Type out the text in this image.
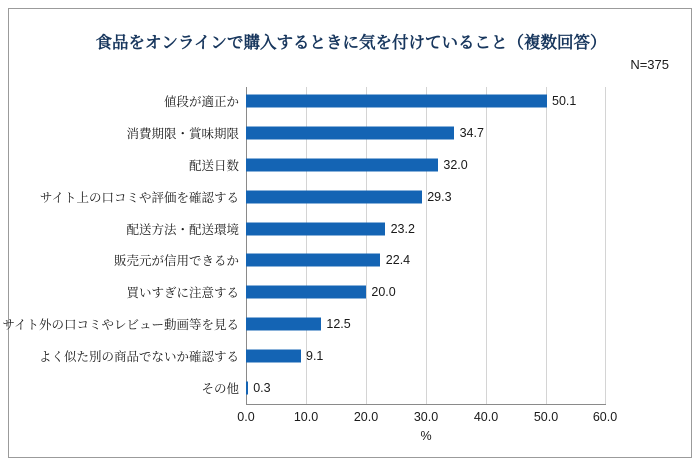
食品をオンラインで購入するときに気を付けていること（複数回答）
N=375
値段が適正か	50.1
消費期限・賞味期限	34.7
配送日数	32.0
サイト上の口コミや評価を確認する	29.3
配送方法・配送環境	23.2
販売元が信用できるか	22.4
買いすぎに注意する	20.0
サイト外の口コミやレビュー動画等を見る	12.5
よく似た別の商品でないか確認する	9.1
その他 0.3
0.0	10.0	20.0	30.0	40.0	50.0	60.0
%
